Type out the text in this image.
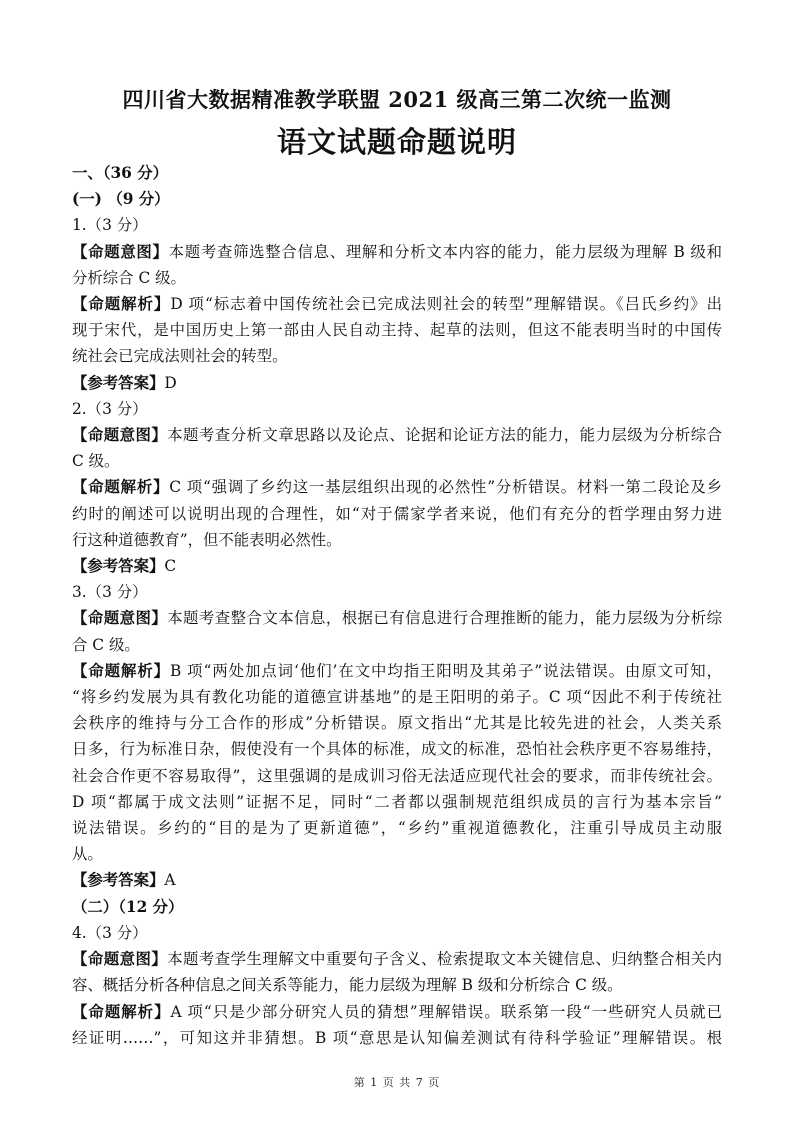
四川省大数据精准教学联盟 2021 级高三第二次统一监测
语文试题命题说明
一、（36 分）
(一) （9 分）
1.（3 分）
【命题意图】本题考查筛选整合信息、理解和分析文本内容的能力，能力层级为理解 B 级和
分析综合 C 级。
【命题解析】D 项“标志着中国传统社会已完成法则社会的转型”理解错误。《吕氏乡约》出
现于宋代，是中国历史上第一部由人民自动主持、起草的法则，但这不能表明当时的中国传
统社会已完成法则社会的转型。
【参考答案】D
2.（3 分）
【命题意图】本题考查分析文章思路以及论点、论据和论证方法的能力，能力层级为分析综合
C 级。
【命题解析】C 项“强调了乡约这一基层组织出现的必然性”分析错误。材料一第二段论及乡
约时的阐述可以说明出现的合理性，如“对于儒家学者来说，他们有充分的哲学理由努力进
行这种道德教育”，但不能表明必然性。
【参考答案】C
3.（3 分）
【命题意图】本题考查整合文本信息，根据已有信息进行合理推断的能力，能力层级为分析综
合 C 级。
【命题解析】B 项“两处加点词‘他们’在文中均指王阳明及其弟子”说法错误。由原文可知，
“将乡约发展为具有教化功能的道德宣讲基地”的是王阳明的弟子。C 项“因此不利于传统社
会秩序的维持与分工合作的形成”分析错误。原文指出“尤其是比较先进的社会，人类关系
日多，行为标准日杂，假使没有一个具体的标准，成文的标准，恐怕社会秩序更不容易维持，
社会合作更不容易取得”，这里强调的是成训习俗无法适应现代社会的要求，而非传统社会。
D 项“都属于成文法则”证据不足，同时“二者都以强制规范组织成员的言行为基本宗旨”
说法错误。乡约的“目的是为了更新道德”，“乡约”重视道德教化，注重引导成员主动服
从。
【参考答案】A
（二）（12 分）
4.（3 分）
【命题意图】本题考查学生理解文中重要句子含义、检索提取文本关键信息、归纳整合相关内
容、概括分析各种信息之间关系等能力，能力层级为理解 B 级和分析综合 C 级。
【命题解析】A 项“只是少部分研究人员的猜想”理解错误。联系第一段“一些研究人员就已
经证明……”，可知这并非猜想。B 项“意思是认知偏差测试有待科学验证”理解错误。根
第 1 页 共 7 页
